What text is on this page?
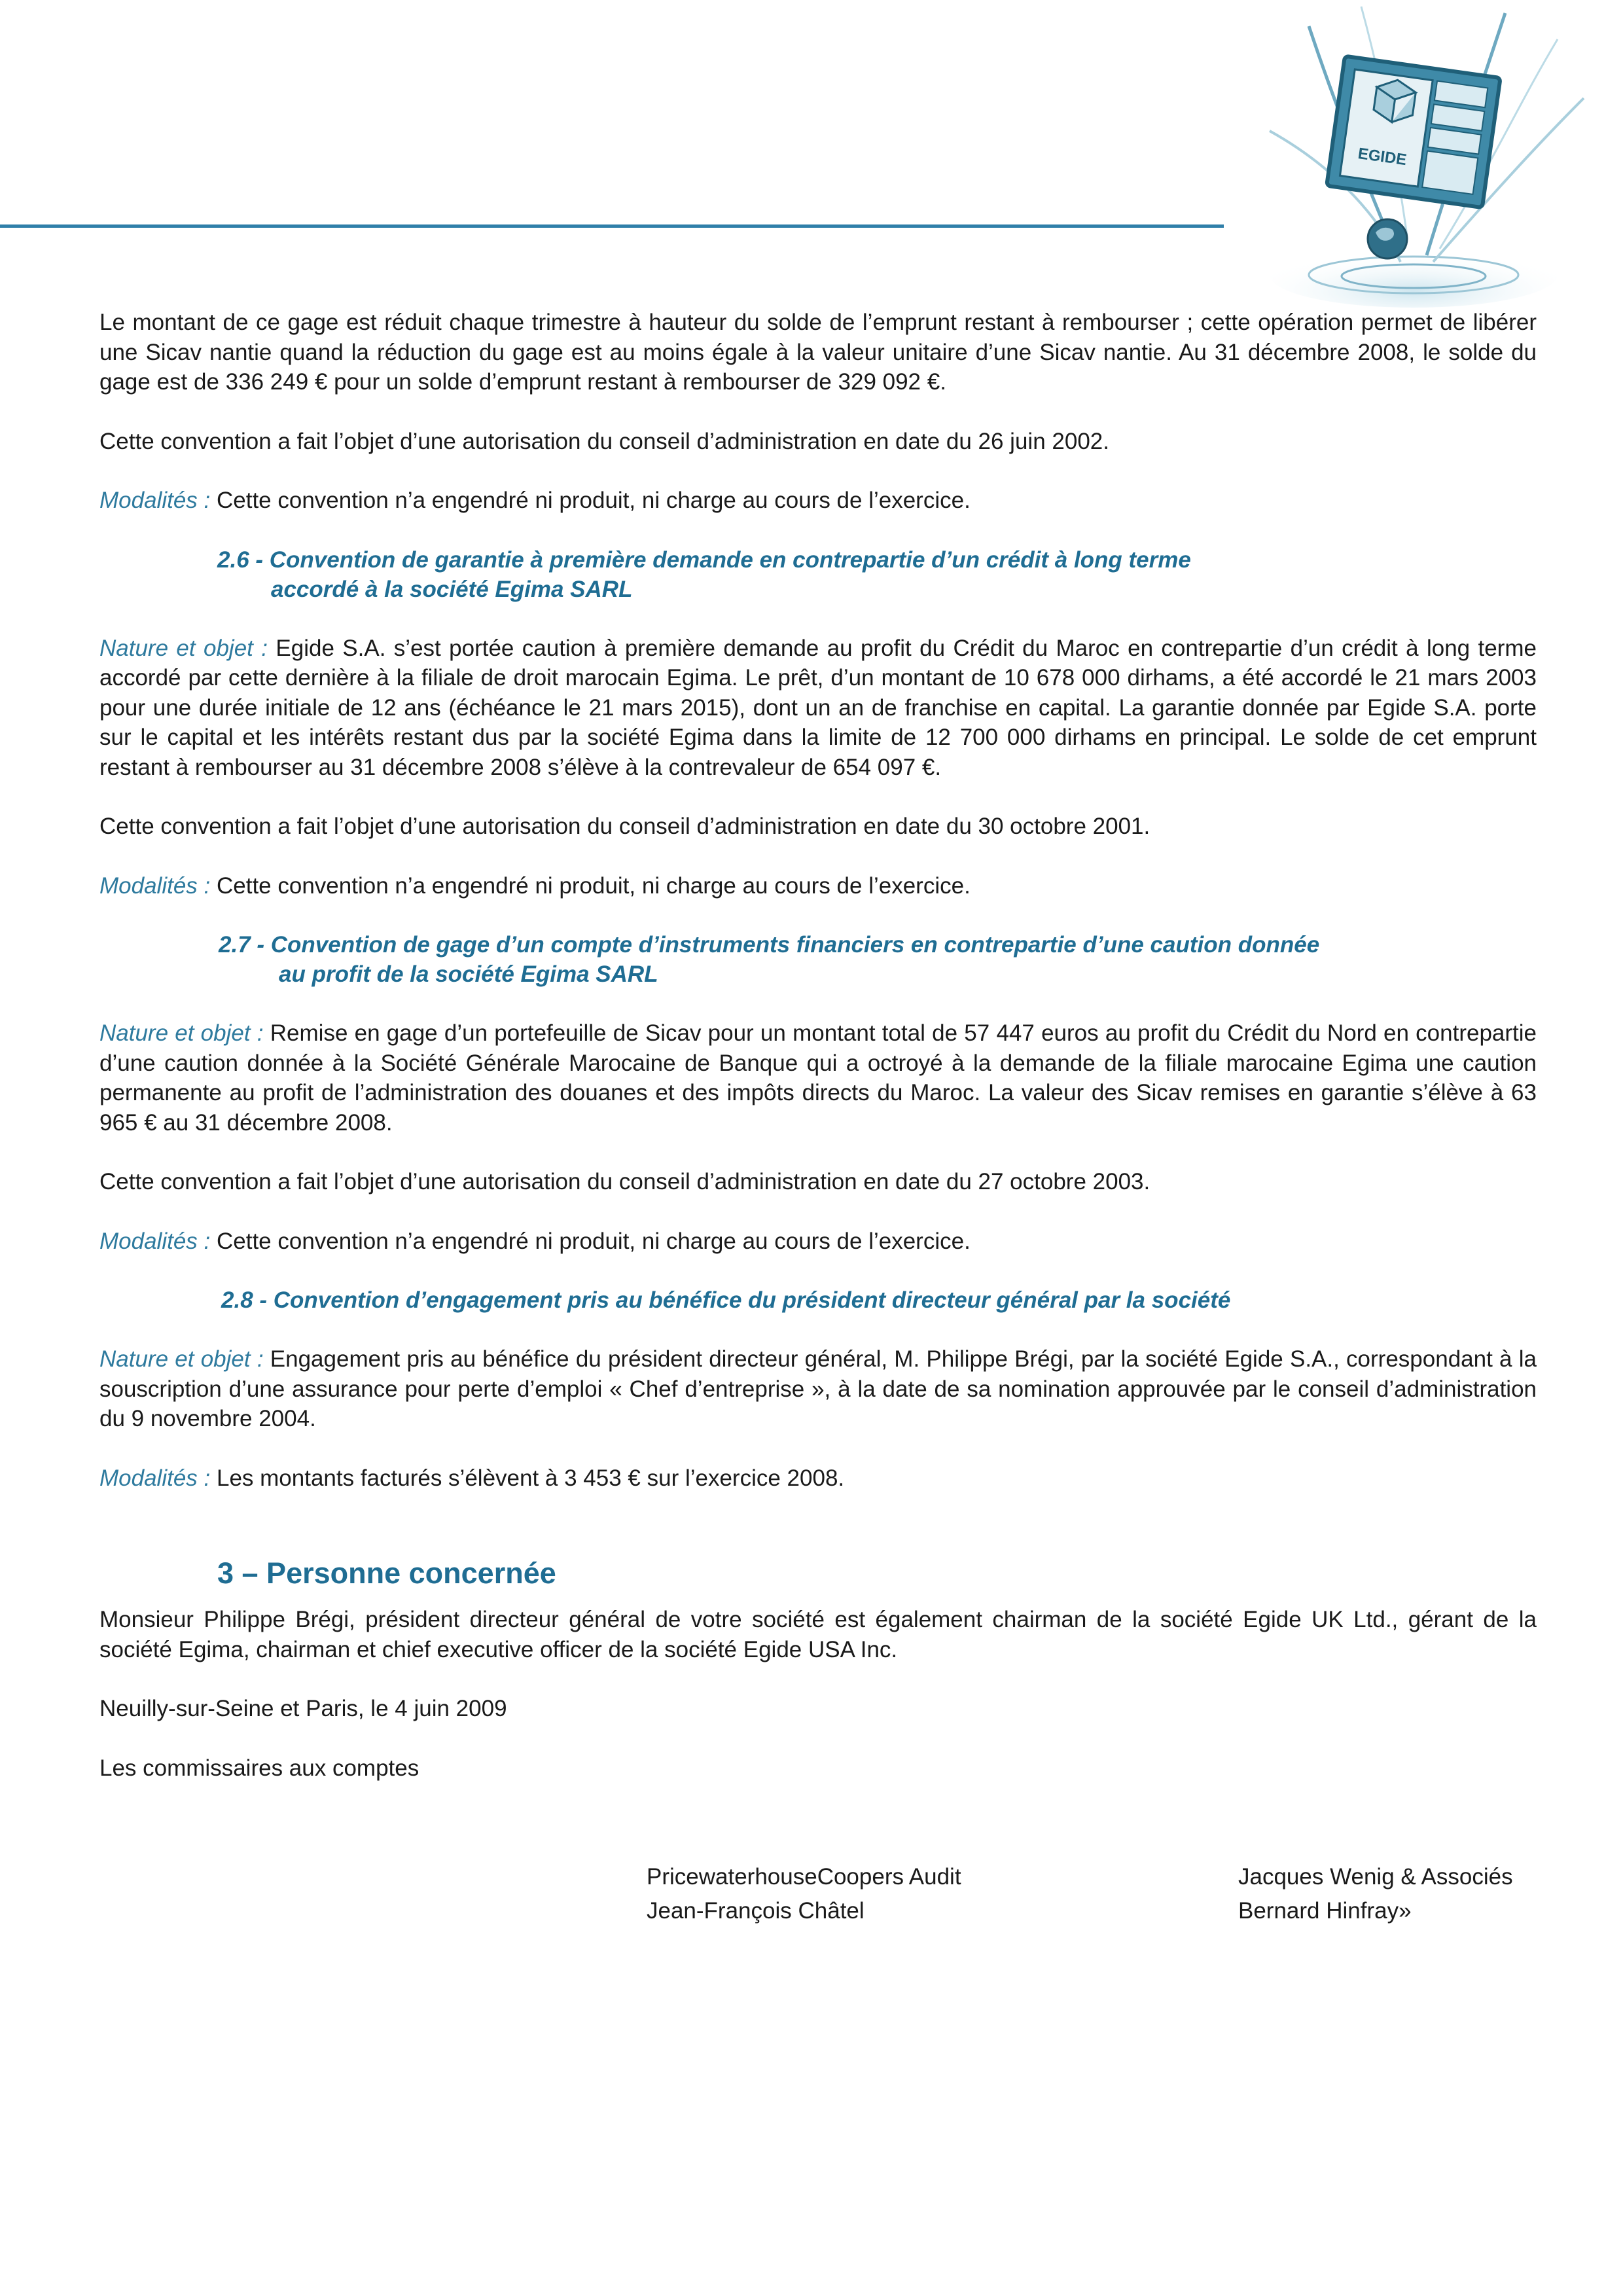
EGIDE

Le montant de ce gage est réduit chaque trimestre à hauteur du solde de l’emprunt restant à rembourser ; cette opération permet de libérer une Sicav nantie quand la réduction du gage est au moins égale à la valeur unitaire d’une Sicav nantie. Au 31 décembre 2008, le solde du gage est de 336 249 € pour un solde d’emprunt restant à rembourser de 329 092 €.

Cette convention a fait l’objet d’une autorisation du conseil d’administration en date du 26 juin 2002.

Modalités : Cette convention n’a engendré ni produit, ni charge au cours de l’exercice.

2.6 - Convention de garantie à première demande en contrepartie d’un crédit à long terme
accordé à la société Egima SARL

Nature et objet : Egide S.A. s’est portée caution à première demande au profit du Crédit du Maroc en contrepartie d’un crédit à long terme accordé par cette dernière à la filiale de droit marocain Egima. Le prêt, d’un montant de 10 678 000 dirhams, a été accordé le 21 mars 2003 pour une durée initiale de 12 ans (échéance le 21 mars 2015), dont un an de franchise en capital. La garantie donnée par Egide S.A. porte sur le capital et les intérêts restant dus par la société Egima dans la limite de 12 700 000 dirhams en principal. Le solde de cet emprunt restant à rembourser au 31 décembre 2008 s’élève à la contrevaleur de 654 097 €.

Cette convention a fait l’objet d’une autorisation du conseil d’administration en date du 30 octobre 2001.

Modalités : Cette convention n’a engendré ni produit, ni charge au cours de l’exercice.

2.7 - Convention de gage d’un compte d’instruments financiers en contrepartie d’une caution donnée
au profit de la société Egima SARL

Nature et objet : Remise en gage d’un portefeuille de Sicav pour un montant total de 57 447 euros au profit du Crédit du Nord en contrepartie d’une caution donnée à la Société Générale Marocaine de Banque qui a octroyé à la demande de la filiale marocaine Egima une caution permanente au profit de l’administration des douanes et des impôts directs du Maroc. La valeur des Sicav remises en garantie s’élève à 63 965 € au 31 décembre 2008.

Cette convention a fait l’objet d’une autorisation du conseil d’administration en date du 27 octobre 2003.

Modalités : Cette convention n’a engendré ni produit, ni charge au cours de l’exercice.

2.8 - Convention d’engagement pris au bénéfice du président directeur général par la société

Nature et objet : Engagement pris au bénéfice du président directeur général, M. Philippe Brégi, par la société Egide S.A., correspondant à la souscription d’une assurance pour perte d’emploi « Chef d’entreprise », à la date de sa nomination approuvée par le conseil d’administration du 9 novembre 2004.

Modalités : Les montants facturés s’élèvent à 3 453 € sur l’exercice 2008.

3 – Personne concernée

Monsieur Philippe Brégi, président directeur général de votre société est également chairman de la société Egide UK Ltd., gérant de la société Egima, chairman et chief executive officer de la société Egide USA Inc.

Neuilly-sur-Seine et Paris, le 4 juin 2009

Les commissaires aux comptes

PricewaterhouseCoopers Audit
Jean-François Châtel
Jacques Wenig & Associés
Bernard Hinfray»
